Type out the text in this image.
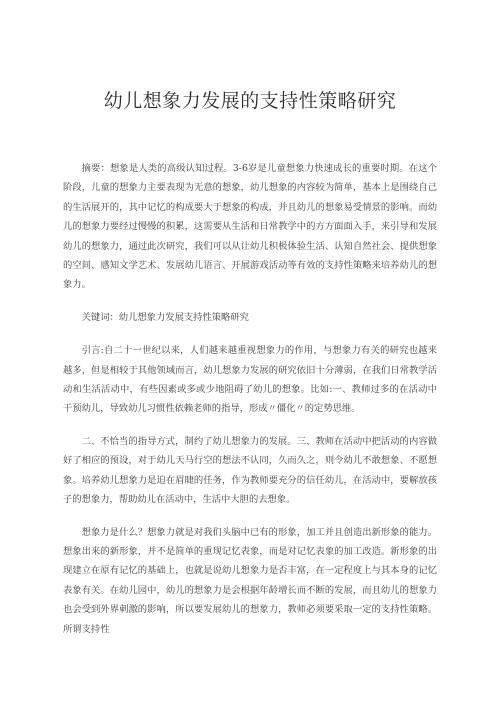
幼儿想象力发展的支持性策略研究

摘要：想象是人类的高级认知过程。3-6岁是儿童想象力快速成长的重要时期。在这个阶段，儿童的想象力主要表现为无意的想象，幼儿想象的内容较为简单，基本上是围绕自己的生活展开的，其中记忆的构成要大于想象的构成，并且幼儿的想象易受情景的影响。而幼儿的想象力要经过慢慢的积累，这需要从生活和日常教学中的方方面面入手，来引导和发展幼儿的想象力，通过此次研究，我们可以从让幼儿积极体验生活、认知自然社会、提供想象的空间、感知文学艺术、发展幼儿语言、开展游戏活动等有效的支持性策略来培养幼儿的想象力。

关键词：幼儿想象力发展支持性策略研究

引言:自二十一世纪以来，人们越来越重视想象力的作用，与想象力有关的研究也越来越多，但是相较于其他领域而言，幼儿想象力发展的研究依旧十分薄弱，在我们日常教学活动和生活活动中，有些因素或多或少地阻碍了幼儿的想象。比如:一、教师过多的在活动中干预幼儿，导致幼儿习惯性依赖老师的指导，形成〃僵化〃的定势思维。

二、不恰当的指导方式，制约了幼儿想象力的发展。三、教师在活动中把活动的内容做好了相应的预设，对于幼儿天马行空的想法不认同，久而久之，则令幼儿不敢想象、不愿想象。培养幼儿想象力是迫在眉睫的任务，作为教师要充分的信任幼儿，在活动中，要解放孩子的想象力，帮助幼儿在活动中，生活中大胆的去想象。

想象力是什么？想象力就是对我们头脑中已有的形象，加工并且创造出新形象的能力。想象出来的新形象，并不是简单的重现记忆表象，而是对记忆表象的加工改造。新形象的出现建立在原有记忆的基础上，也就是说幼儿想象力是否丰富，在一定程度上与其本身的记忆表象有关。在幼儿园中，幼儿的想象力是会根据年龄增长而不断的发展，而且幼儿的想象力也会受到外界刺激的影响，所以要发展幼儿的想象力，教师必须要采取一定的支持性策略。所谓支持性
